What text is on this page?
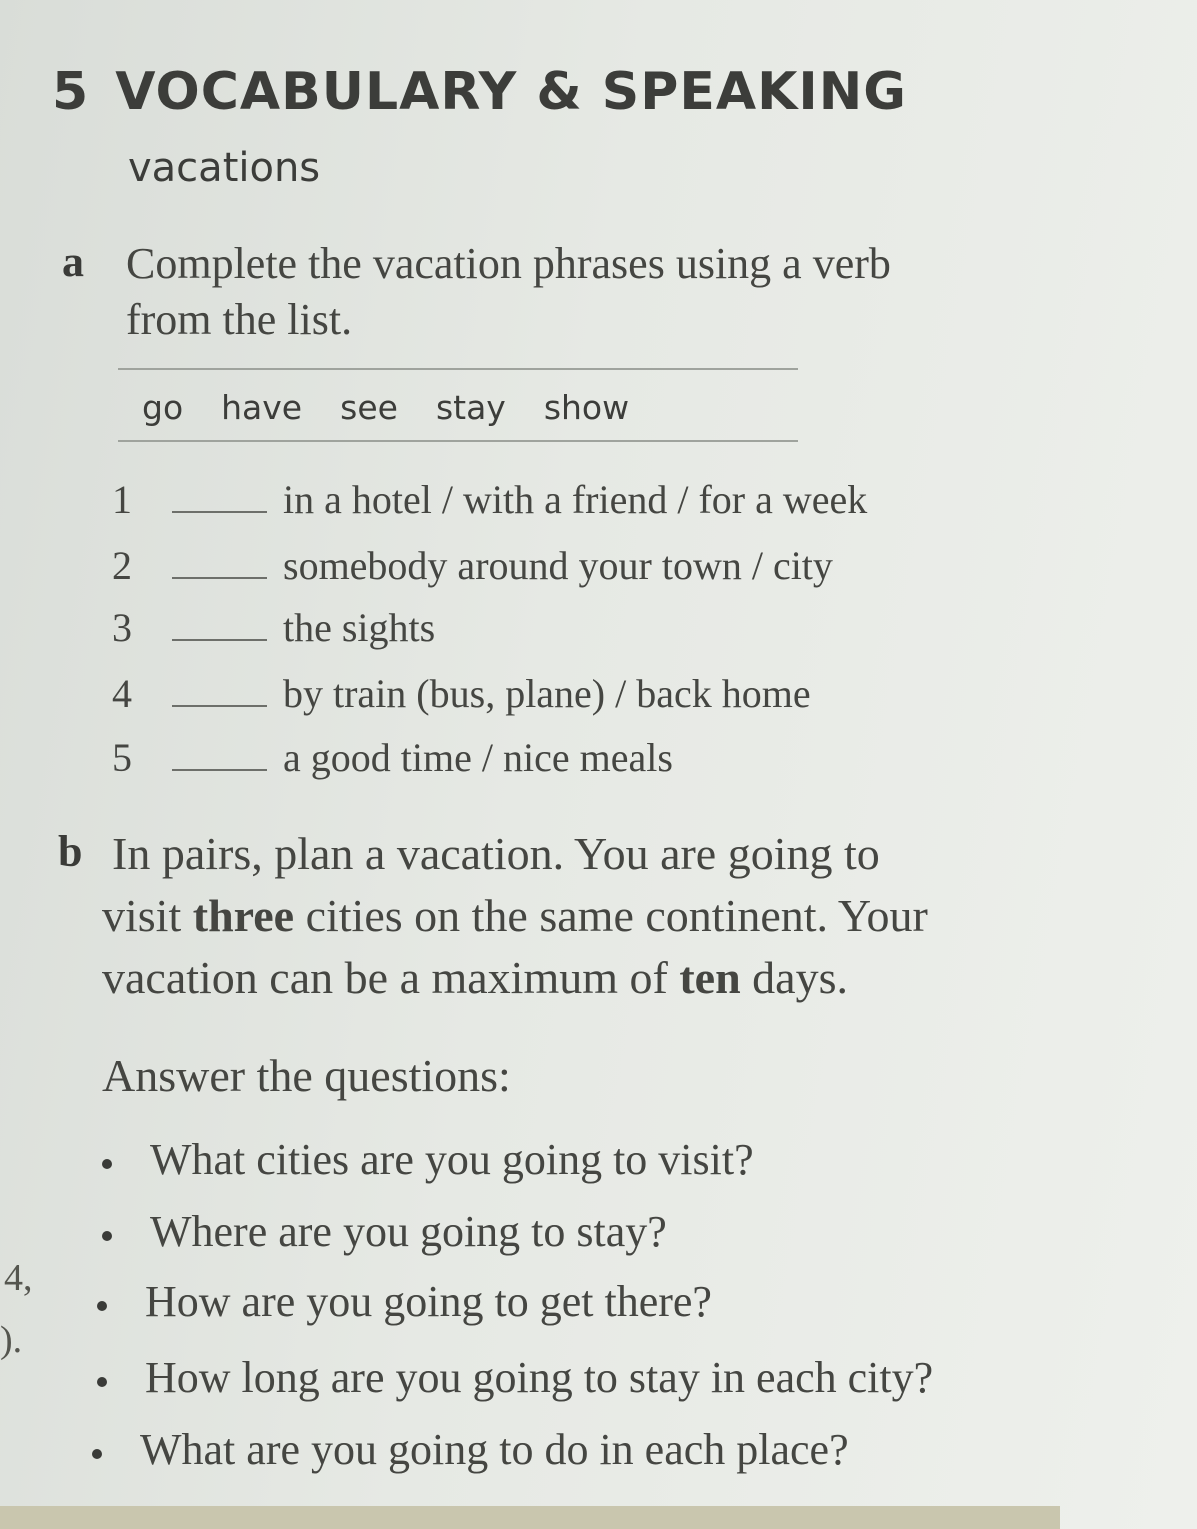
5 VOCABULARY & SPEAKING
vacations
a Complete the vacation phrases using a verb
from the list.
go have see stay show
1	in a hotel / with a friend / for a week
2	somebody around your town / city
3	the sights
4	by train (bus, plane) / back home
5	a good time / nice meals
b In pairs, plan a vacation. You are going to
visit three cities on the same continent. Your
vacation can be a maximum of ten days.
Answer the questions:
What cities are you going to visit?
Where are you going to stay?
How are you going to get there?
How long are you going to stay in each city?
What are you going to do in each place?
4,
).
